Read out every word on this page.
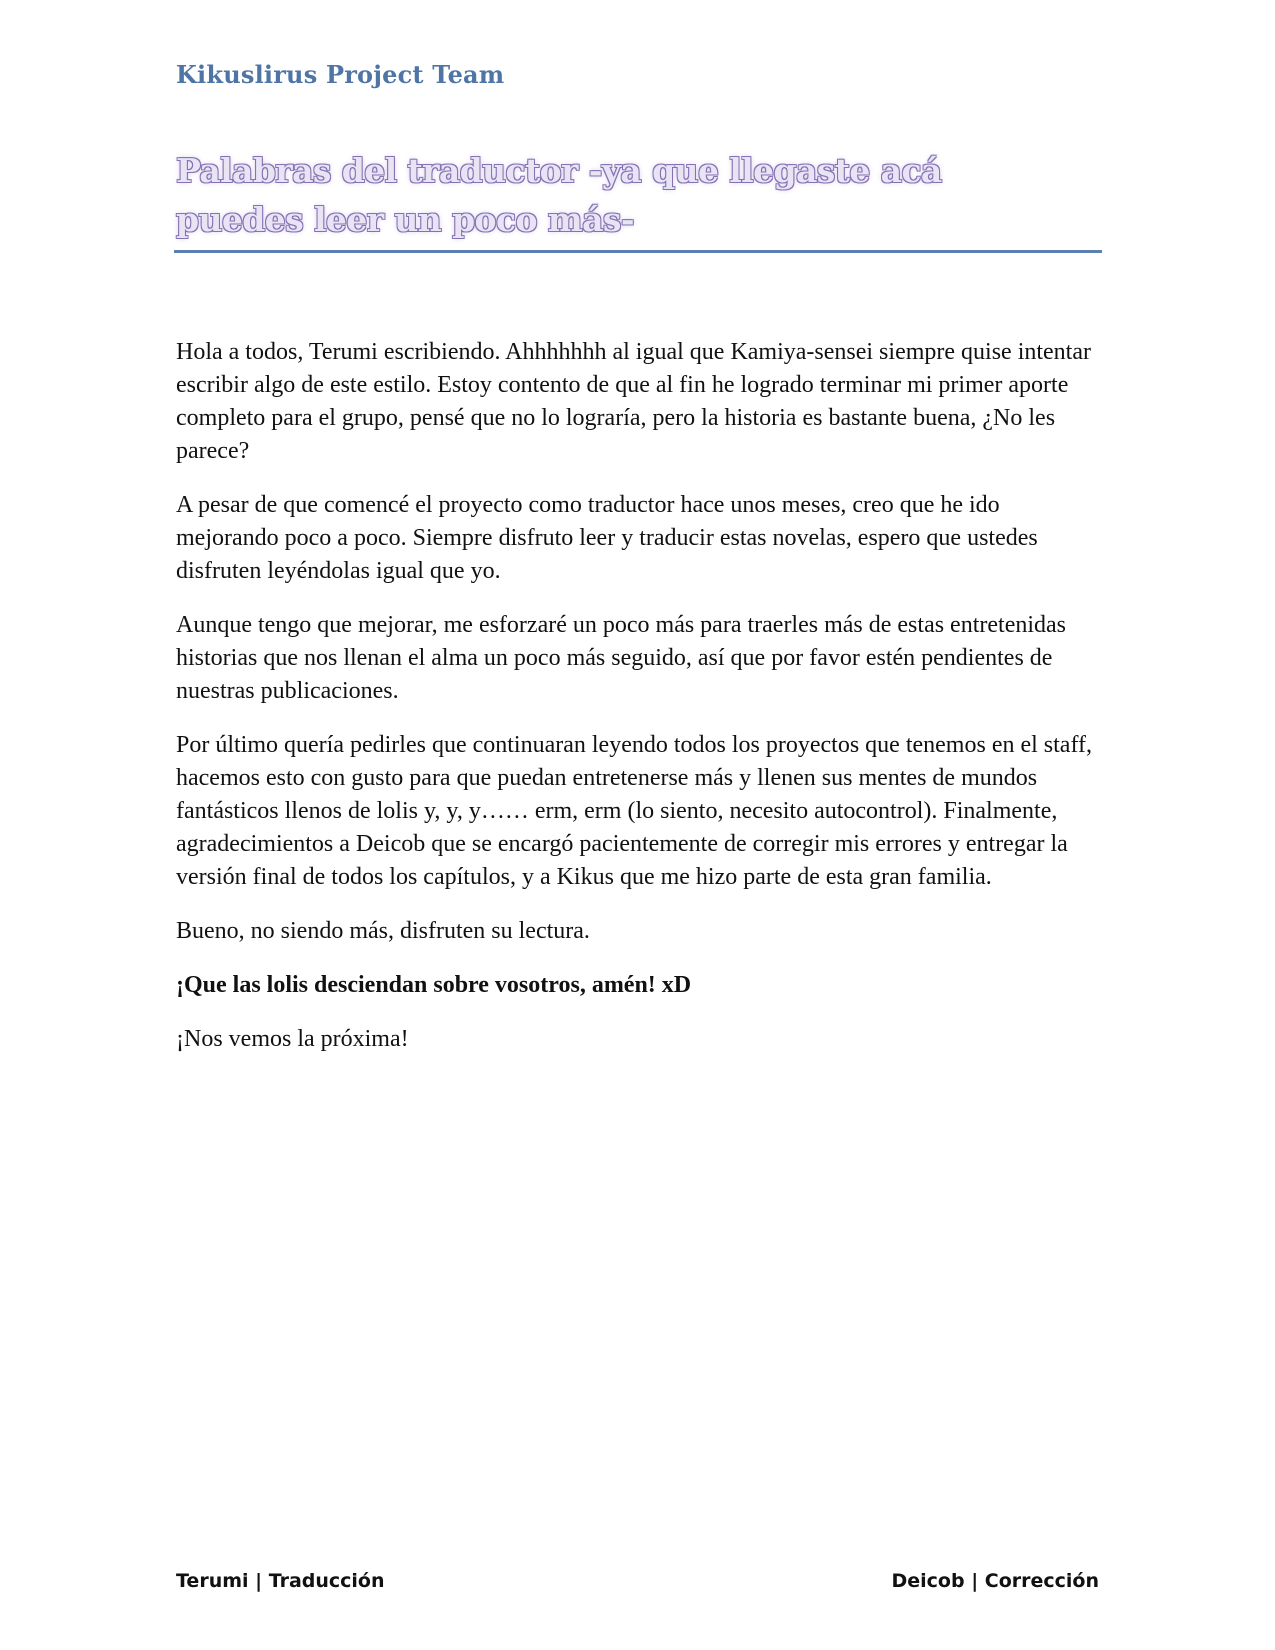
Kikuslirus Project Team
Palabras del traductor -ya que llegaste acá puedes leer un poco más-

Hola a todos, Terumi escribiendo. Ahhhhhhh al igual que Kamiya-sensei siempre quise intentar escribir algo de este estilo. Estoy contento de que al fin he logrado terminar mi primer aporte completo para el grupo, pensé que no lo lograría, pero la historia es bastante buena, ¿No les parece?

A pesar de que comencé el proyecto como traductor hace unos meses, creo que he ido mejorando poco a poco. Siempre disfruto leer y traducir estas novelas, espero que ustedes disfruten leyéndolas igual que yo.

Aunque tengo que mejorar, me esforzaré un poco más para traerles más de estas entretenidas historias que nos llenan el alma un poco más seguido, así que por favor estén pendientes de nuestras publicaciones.

Por último quería pedirles que continuaran leyendo todos los proyectos que tenemos en el staff, hacemos esto con gusto para que puedan entretenerse más y llenen sus mentes de mundos fantásticos llenos de lolis y, y, y…… erm, erm (lo siento, necesito autocontrol). Finalmente, agradecimientos a Deicob que se encargó pacientemente de corregir mis errores y entregar la versión final de todos los capítulos, y a Kikus que me hizo parte de esta gran familia.

Bueno, no siendo más, disfruten su lectura.

¡Que las lolis desciendan sobre vosotros, amén! xD

¡Nos vemos la próxima!

Terumi | Traducción	Deicob | Corrección
